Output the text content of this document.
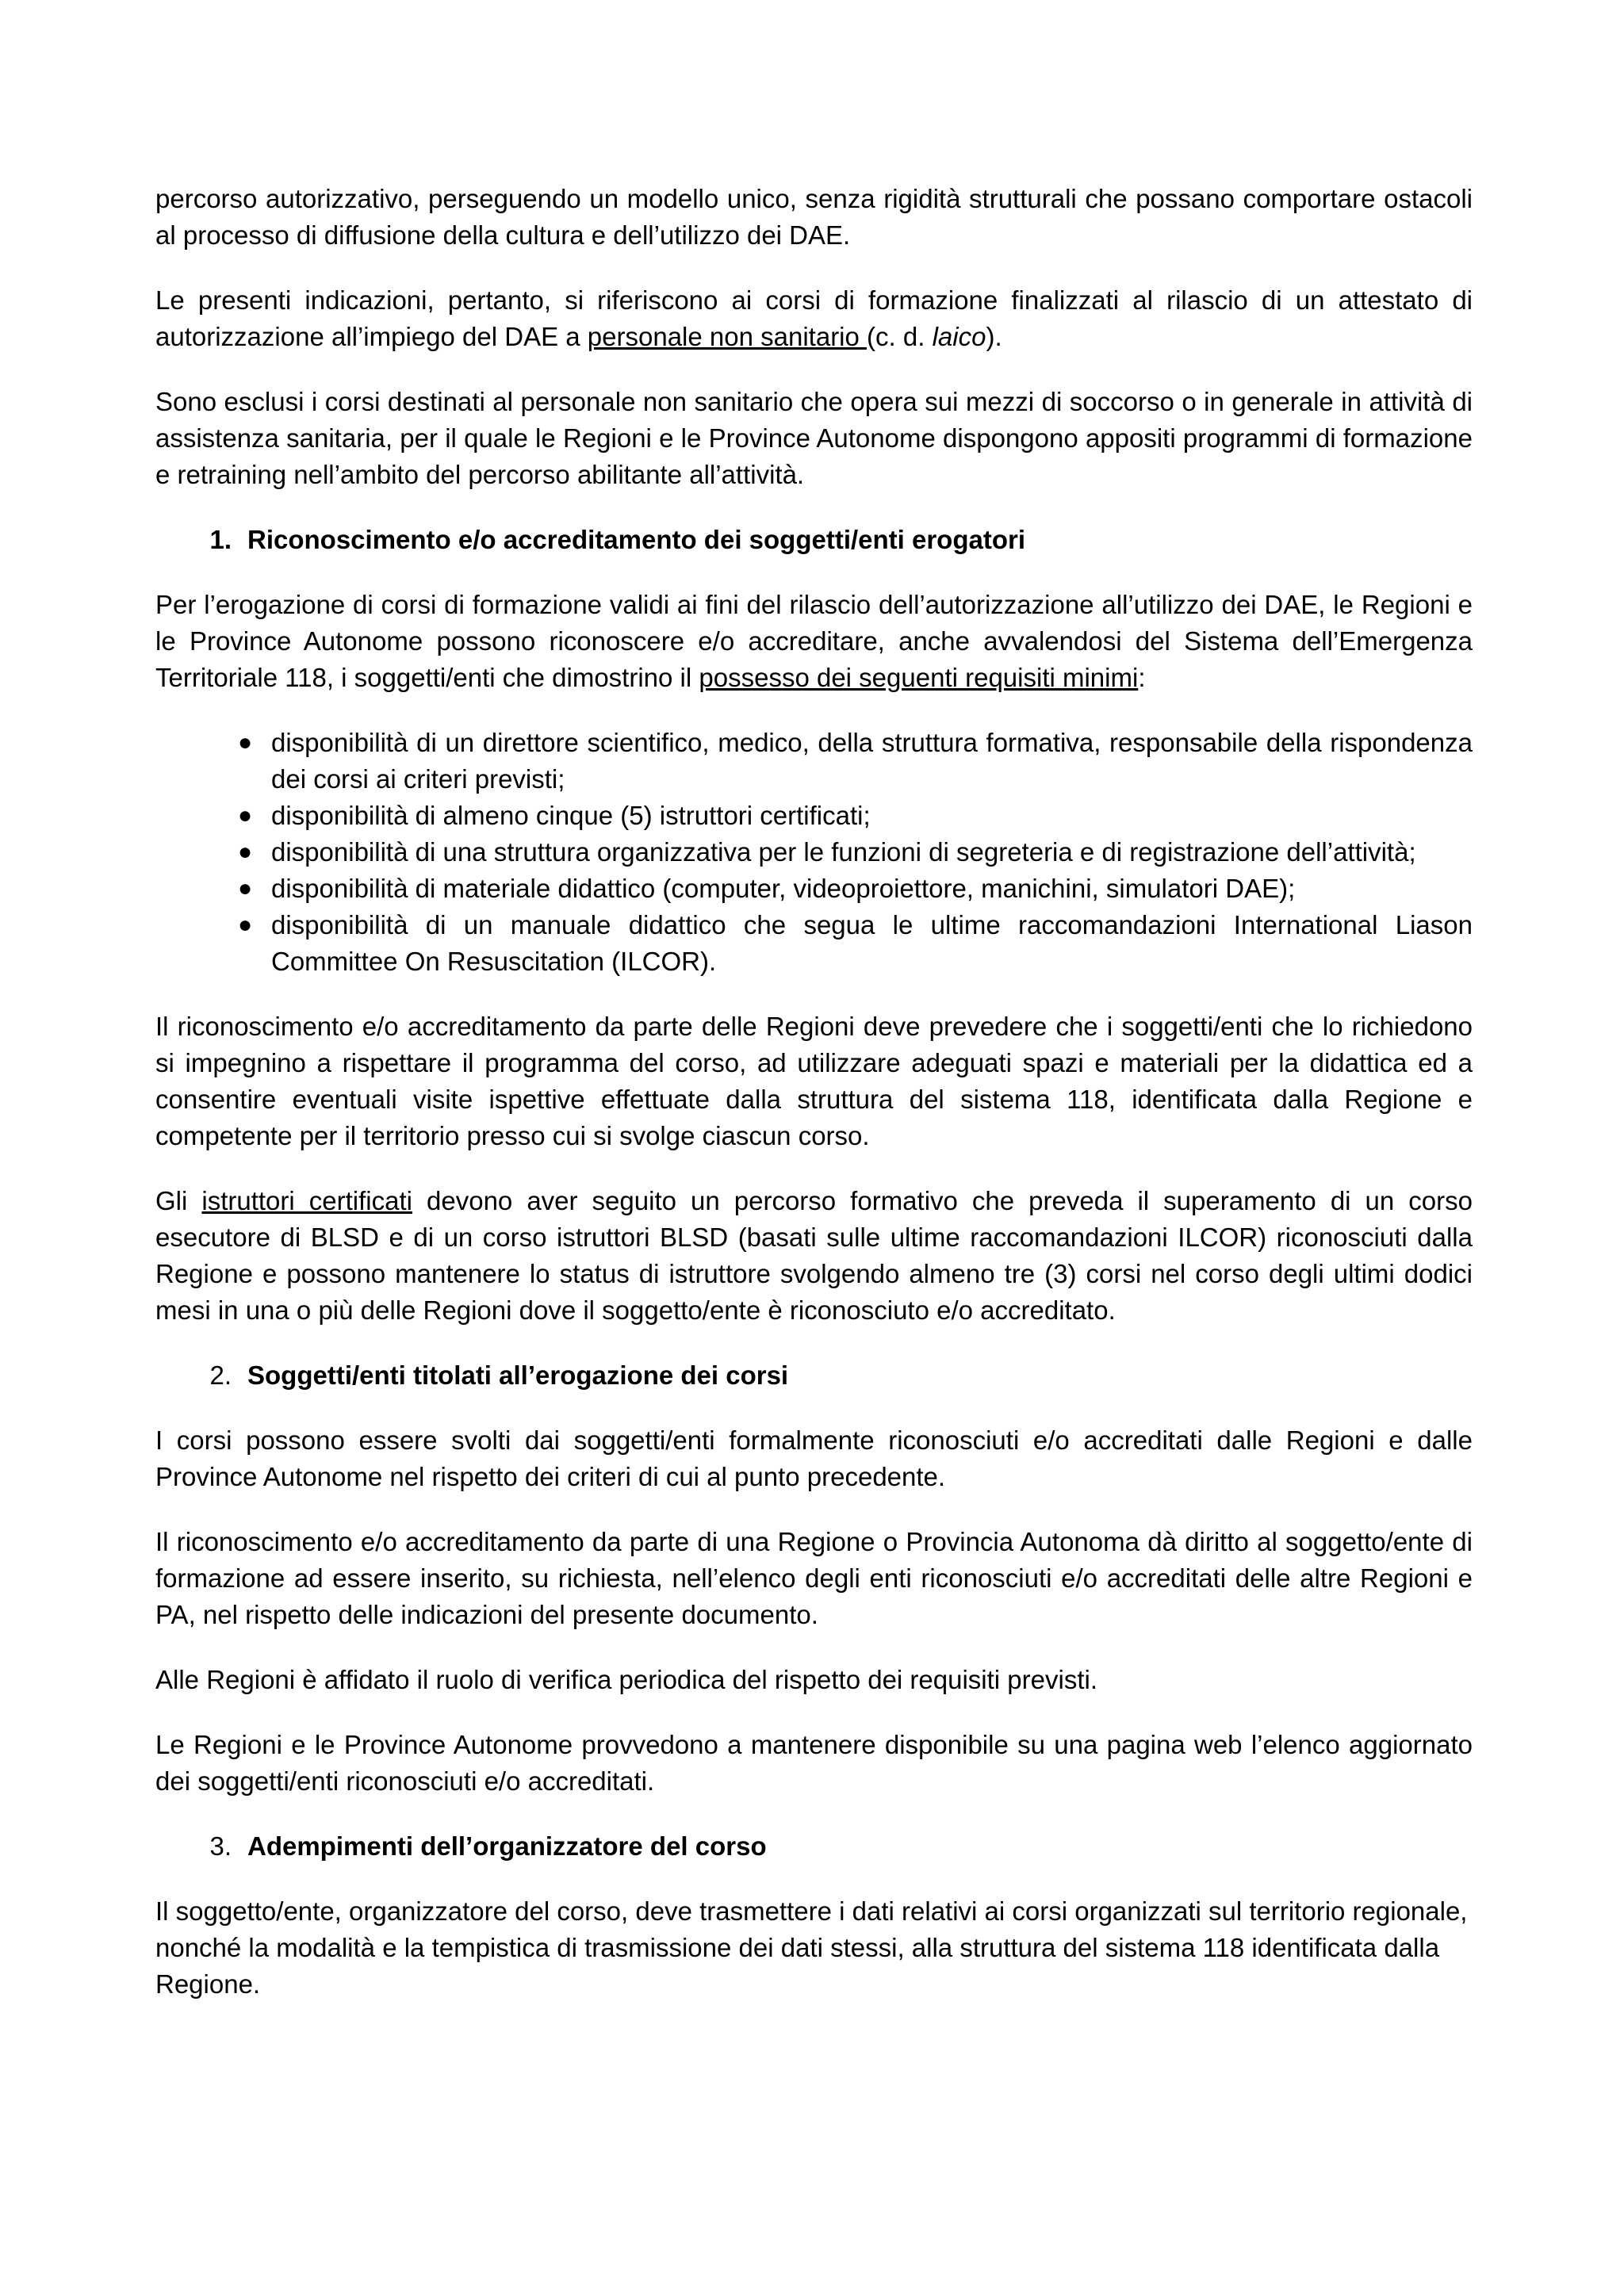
percorso autorizzativo, perseguendo un modello unico, senza rigidità strutturali che possano comportare ostacoli al processo di diffusione della cultura e dell’utilizzo dei DAE.

Le presenti indicazioni, pertanto, si riferiscono ai corsi di formazione finalizzati al rilascio di un attestato di autorizzazione all’impiego del DAE a personale non sanitario (c. d. laico).

Sono esclusi i corsi destinati al personale non sanitario che opera sui mezzi di soccorso o in generale in attività di assistenza sanitaria, per il quale le Regioni e le Province Autonome dispongono appositi programmi di formazione e retraining nell’ambito del percorso abilitante all’attività.

1. Riconoscimento e/o accreditamento dei soggetti/enti erogatori

Per l’erogazione di corsi di formazione validi ai fini del rilascio dell’autorizzazione all’utilizzo dei DAE, le Regioni e le Province Autonome possono riconoscere e/o accreditare, anche avvalendosi del Sistema dell’Emergenza Territoriale 118, i soggetti/enti che dimostrino il possesso dei seguenti requisiti minimi:

● disponibilità di un direttore scientifico, medico, della struttura formativa, responsabile della rispondenza dei corsi ai criteri previsti;
● disponibilità di almeno cinque (5) istruttori certificati;
● disponibilità di una struttura organizzativa per le funzioni di segreteria e di registrazione dell’attività;
● disponibilità di materiale didattico (computer, videoproiettore, manichini, simulatori DAE);
● disponibilità di un manuale didattico che segua le ultime raccomandazioni International Liason Committee On Resuscitation (ILCOR).

Il riconoscimento e/o accreditamento da parte delle Regioni deve prevedere che i soggetti/enti che lo richiedono si impegnino a rispettare il programma del corso, ad utilizzare adeguati spazi e materiali per la didattica ed a consentire eventuali visite ispettive effettuate dalla struttura del sistema 118, identificata dalla Regione e competente per il territorio presso cui si svolge ciascun corso.

Gli istruttori certificati devono aver seguito un percorso formativo che preveda il superamento di un corso esecutore di BLSD e di un corso istruttori BLSD (basati sulle ultime raccomandazioni ILCOR) riconosciuti dalla Regione e possono mantenere lo status di istruttore svolgendo almeno tre (3) corsi nel corso degli ultimi dodici mesi in una o più delle Regioni dove il soggetto/ente è riconosciuto e/o accreditato.

2. Soggetti/enti titolati all’erogazione dei corsi

I corsi possono essere svolti dai soggetti/enti formalmente riconosciuti e/o accreditati dalle Regioni e dalle Province Autonome nel rispetto dei criteri di cui al punto precedente.

Il riconoscimento e/o accreditamento da parte di una Regione o Provincia Autonoma dà diritto al soggetto/ente di formazione ad essere inserito, su richiesta, nell’elenco degli enti riconosciuti e/o accreditati delle altre Regioni e PA, nel rispetto delle indicazioni del presente documento.

Alle Regioni è affidato il ruolo di verifica periodica del rispetto dei requisiti previsti.

Le Regioni e le Province Autonome provvedono a mantenere disponibile su una pagina web l’elenco aggiornato dei soggetti/enti riconosciuti e/o accreditati.

3. Adempimenti dell’organizzatore del corso

Il soggetto/ente, organizzatore del corso, deve trasmettere i dati relativi ai corsi organizzati sul territorio regionale, nonché la modalità e la tempistica di trasmissione dei dati stessi, alla struttura del sistema 118 identificata dalla Regione.
